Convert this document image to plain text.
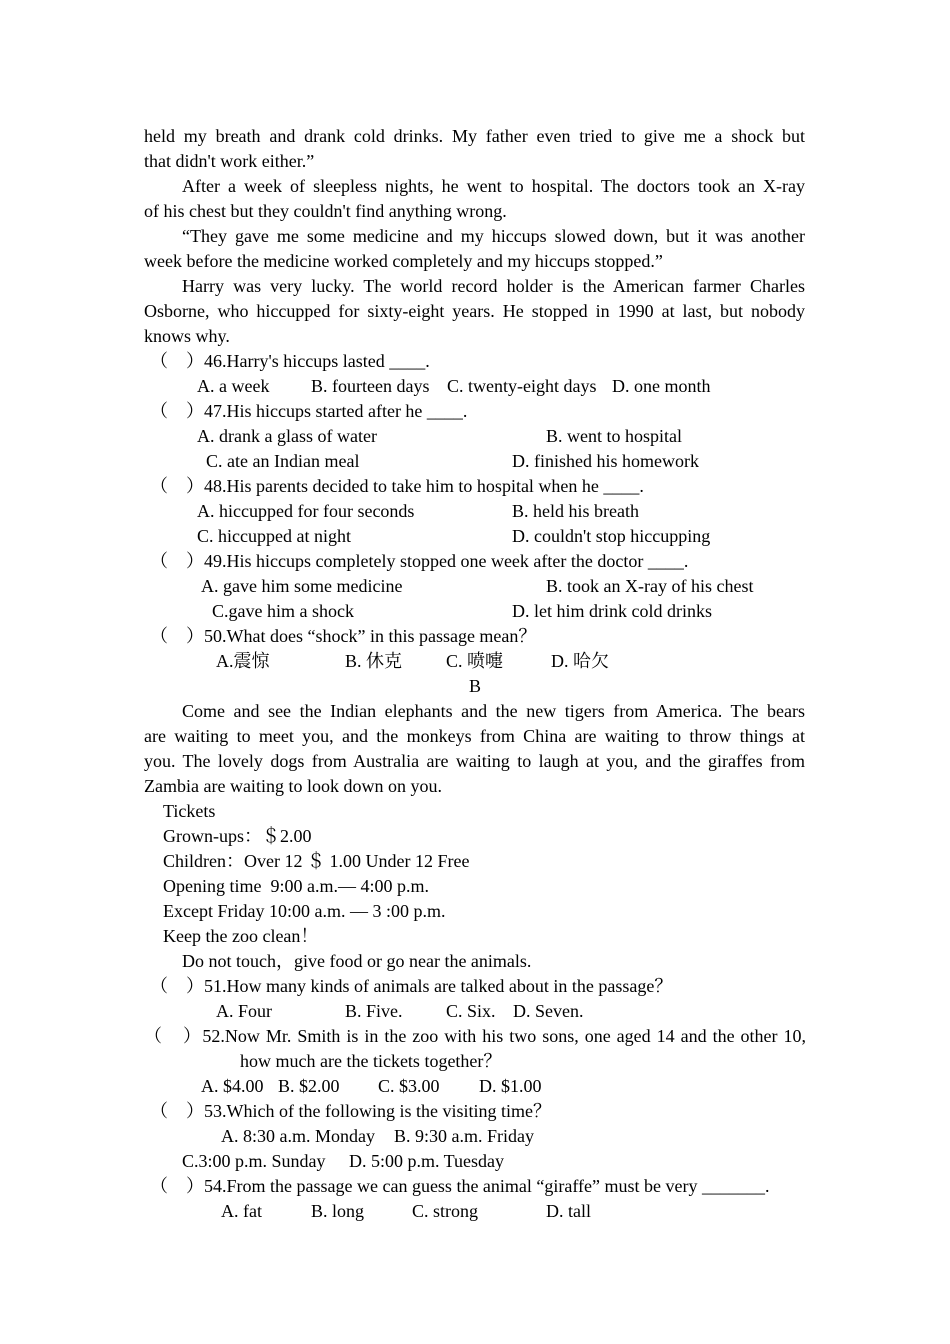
held my breath and drank cold drinks. My father even tried to give me a shock but
that didn't work either.”
After a week of sleepless nights, he went to hospital. The doctors took an X-ray
of his chest but they couldn't find anything wrong.
“They gave me some medicine and my hiccups slowed down, but it was another
week before the medicine worked completely and my hiccups stopped.”
Harry was very lucky. The world record holder is the American farmer Charles
Osborne, who hiccupped for sixty-eight years. He stopped in 1990 at last, but nobody
knows why.
（　）46.Harry's hiccups lasted ____.
A. a week B. fourteen days C. twenty-eight days D. one month
（　）47.His hiccups started after he ____.
A. drank a glass of water	B. went to hospital
C. ate an Indian meal	D. finished his homework
（　）48.His parents decided to take him to hospital when he ____.
A. hiccupped for four seconds	B. held his breath
C. hiccupped at night	D. couldn't stop hiccupping
（　）49.His hiccups completely stopped one week after the doctor ____.
A. gave him some medicine	B. took an X-ray of his chest
C.gave him a shock	D. let him drink cold drinks
（　）50.What does “shock” in this passage mean？
A.震惊	B. 休克 C. 喷嚏	D. 哈欠
B
Come and see the Indian elephants and the new tigers from America. The bears
are waiting to meet you, and the monkeys from China are waiting to throw things at
you. The lovely dogs from Australia are waiting to laugh at you, and the giraffes from
Zambia are waiting to look down on you.
Tickets
Grown-ups：＄2.00
Children：Over 12 ＄ 1.00 Under 12 Free
Opening time  9:00 a.m.— 4:00 p.m.
Except Friday 10:00 a.m. — 3 :00 p.m.
Keep the zoo clean！
Do not touch，give food or go near the animals.
（　）51.How many kinds of animals are talked about in the passage？
A. Four	B. Five. C. Six. D. Seven.
（　）52.Now Mr. Smith is in the zoo with his two sons, one aged 14 and the other 10,
how much are the tickets together？
A. $4.00 B. $2.00 C. $3.00 D. $1.00
（　）53.Which of the following is the visiting time？
A. 8:30 a.m. Monday B. 9:30 a.m. Friday
C.3:00 p.m. Sunday D. 5:00 p.m. Tuesday
（　）54.From the passage we can guess the animal “giraffe” must be very _______.
A. fat	B. long	C. strong	D. tall
